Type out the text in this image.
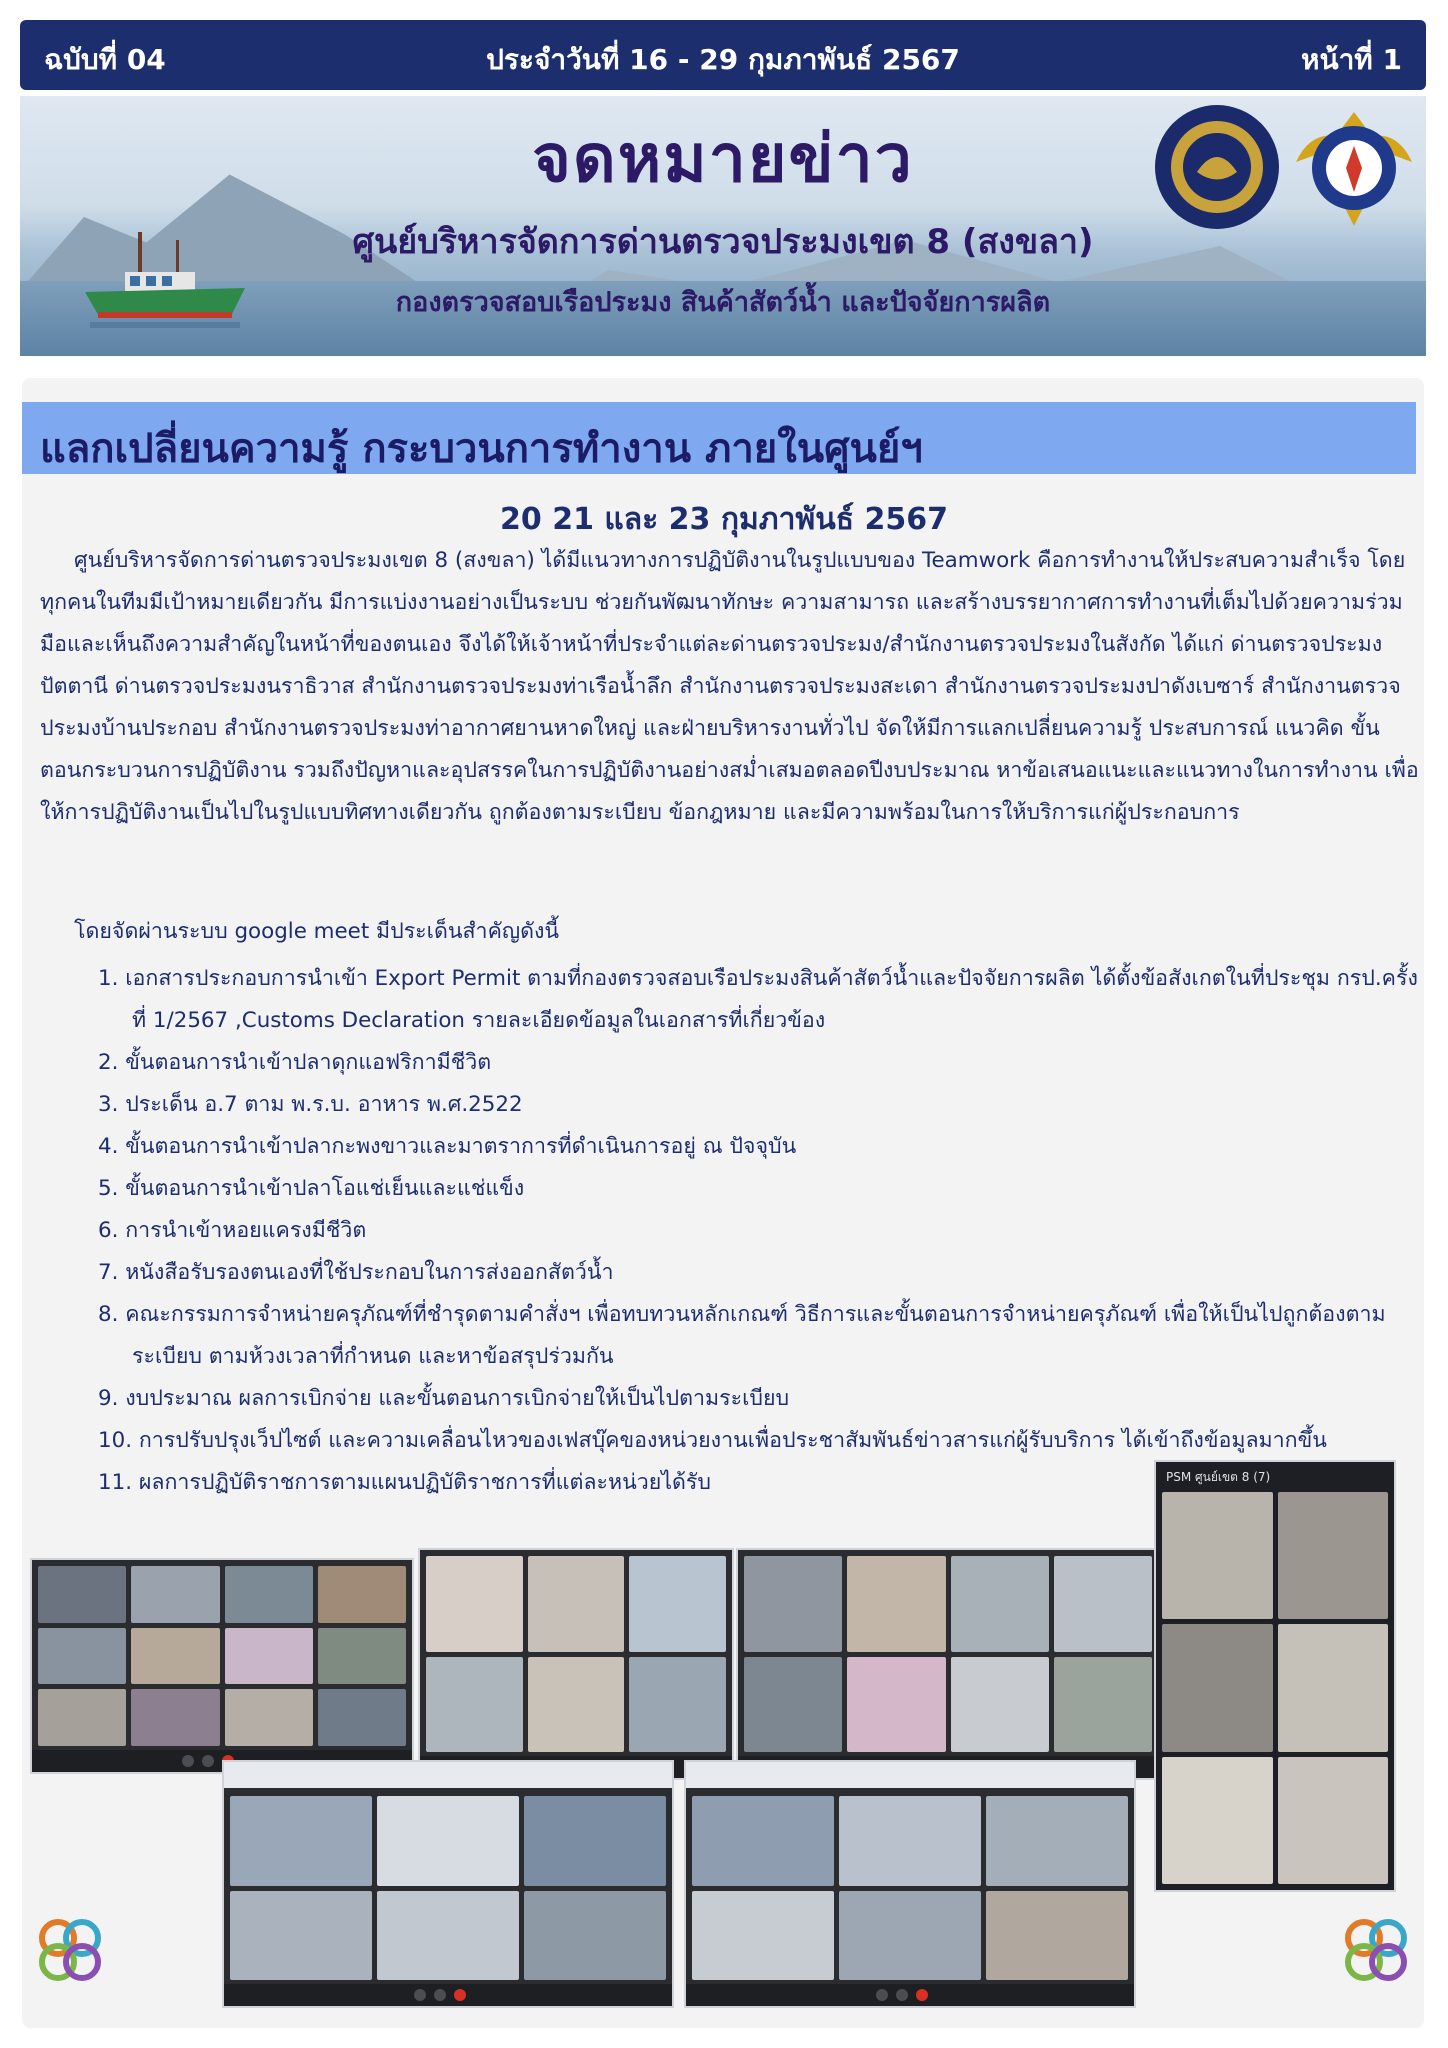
ฉบับที่ 04	ประจำวันที่ 16 - 29 กุมภาพันธ์ 2567	หน้าที่ 1
จดหมายข่าว
ศูนย์บริหารจัดการด่านตรวจประมงเขต 8 (สงขลา)
กองตรวจสอบเรือประมง สินค้าสัตว์น้ำ และปัจจัยการผลิต
แลกเปลี่ยนความรู้ กระบวนการทำงาน ภายในศูนย์ฯ
20 21 และ 23 กุมภาพันธ์ 2567
ศูนย์บริหารจัดการด่านตรวจประมงเขต 8 (สงขลา) ได้มีแนวทางการปฏิบัติงานในรูปแบบของ Teamwork คือการทำงานให้ประสบความสำเร็จ โดยทุกคนในทีมมีเป้าหมายเดียวกัน มีการแบ่งงานอย่างเป็นระบบ ช่วยกันพัฒนาทักษะ ความสามารถ และสร้างบรรยากาศการทำงานที่เต็มไปด้วยความร่วมมือและเห็นถึงความสำคัญในหน้าที่ของตนเอง จึงได้ให้เจ้าหน้าที่ประจำแต่ละด่านตรวจประมง/สำนักงานตรวจประมงในสังกัด ได้แก่ ด่านตรวจประมงปัตตานี ด่านตรวจประมงนราธิวาส สำนักงานตรวจประมงท่าเรือน้ำลึก สำนักงานตรวจประมงสะเดา สำนักงานตรวจประมงปาดังเบซาร์ สำนักงานตรวจประมงบ้านประกอบ สำนักงานตรวจประมงท่าอากาศยานหาดใหญ่ และฝ่ายบริหารงานทั่วไป จัดให้มีการแลกเปลี่ยนความรู้ ประสบการณ์ แนวคิด ขั้นตอนกระบวนการปฏิบัติงาน รวมถึงปัญหาและอุปสรรคในการปฏิบัติงานอย่างสม่ำเสมอตลอดปีงบประมาณ หาข้อเสนอแนะและแนวทางในการทำงาน เพื่อให้การปฏิบัติงานเป็นไปในรูปแบบทิศทางเดียวกัน ถูกต้องตามระเบียบ ข้อกฎหมาย และมีความพร้อมในการให้บริการแก่ผู้ประกอบการ
โดยจัดผ่านระบบ google meet มีประเด็นสำคัญดังนี้
1. เอกสารประกอบการนำเข้า Export Permit ตามที่กองตรวจสอบเรือประมงสินค้าสัตว์น้ำและปัจจัยการผลิต ได้ตั้งข้อสังเกตในที่ประชุม กรป.ครั้งที่ 1/2567 ,Customs Declaration รายละเอียดข้อมูลในเอกสารที่เกี่ยวข้อง
2. ขั้นตอนการนำเข้าปลาดุกแอฟริกามีชีวิต
3. ประเด็น อ.7 ตาม พ.ร.บ. อาหาร พ.ศ.2522
4. ขั้นตอนการนำเข้าปลากะพงขาวและมาตราการที่ดำเนินการอยู่ ณ ปัจจุบัน
5. ขั้นตอนการนำเข้าปลาโอแช่เย็นและแช่แข็ง
6. การนำเข้าหอยแครงมีชีวิต
7. หนังสือรับรองตนเองที่ใช้ประกอบในการส่งออกสัตว์น้ำ
8. คณะกรรมการจำหน่ายครุภัณฑ์ที่ชำรุดตามคำสั่งฯ เพื่อทบทวนหลักเกณฑ์ วิธีการและขั้นตอนการจำหน่ายครุภัณฑ์ เพื่อให้เป็นไปถูกต้องตามระเบียบ ตามห้วงเวลาที่กำหนด และหาข้อสรุปร่วมกัน
9. งบประมาณ ผลการเบิกจ่าย และขั้นตอนการเบิกจ่ายให้เป็นไปตามระเบียบ
10. การปรับปรุงเว็ปไซต์ และความเคลื่อนไหวของเฟสบุ๊คของหน่วยงานเพื่อประชาสัมพันธ์ข่าวสารแก่ผู้รับบริการ ได้เข้าถึงข้อมูลมากขึ้น
11. ผลการปฏิบัติราชการตามแผนปฏิบัติราชการที่แต่ละหน่วยได้รับ	PSM ศูนย์เขต 8 (7)
